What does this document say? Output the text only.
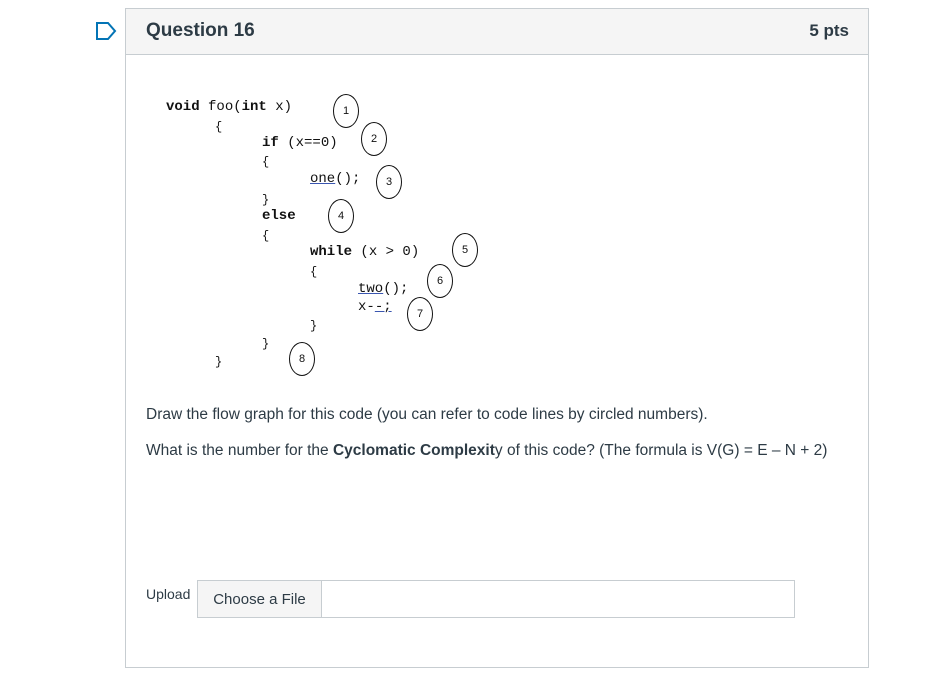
Question 16	5 pts
void foo(int x)
{
if (x==0)
{
one();
}
else
{
while (x > 0)
{
two();
x--;
}
}
}
1
2
3
4
5
6
7
8
Draw the flow graph for this code (you can refer to code lines by circled numbers).
What is the number for the Cyclomatic Complexity of this code? (The formula is V(G) = E – N + 2)
Upload	Choose a File
